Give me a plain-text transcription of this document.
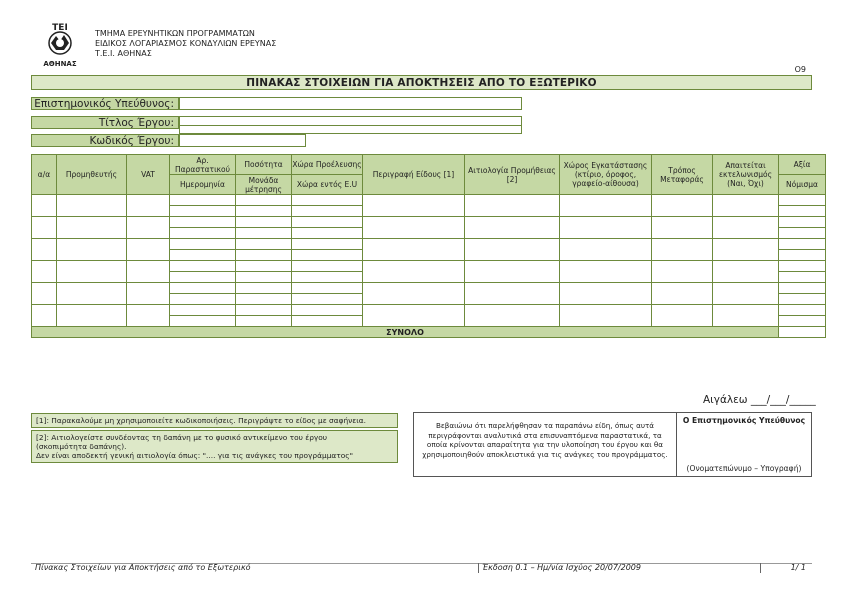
ΤΕΙ
ΑΘΗΝΑΣ
ΤΜΗΜΑ ΕΡΕΥΝΗΤΙΚΩΝ ΠΡΟΓΡΑΜΜΑΤΩΝ
ΕΙΔΙΚΟΣ ΛΟΓΑΡΙΑΣΜΟΣ ΚΟΝΔΥΛΙΩΝ ΕΡΕΥΝΑΣ
Τ.Ε.Ι. ΑΘΗΝΑΣ
Ο9
ΠΙΝΑΚΑΣ ΣΤΟΙΧΕΙΩΝ ΓΙΑ ΑΠΟΚΤΗΣΕΙΣ ΑΠΟ ΤΟ ΕΞΩΤΕΡΙΚΟ
Επιστημονικός Υπεύθυνος:
Τίτλος Έργου:
Κωδικός Έργου:
α/α	Προμηθευτής	VAT	Αρ. Παραστατικού	Ποσότητα	Χώρα Προέλευσης	Περιγραφή Είδους [1]	Αιτιολογία Προμήθειας [2]	Χώρος Εγκατάστασης (κτίριο, όροφος, γραφείο-αίθουσα)	Τρόπος Μεταφοράς	Απαιτείται εκτελωνισμός (Ναι, Όχι)	Αξία
			Ημερομηνία	Μονάδα μέτρησης	Χώρα εντός E.U						Νόμισμα

ΣΥΝΟΛΟ											
Αιγάλεω ___/___/_____
[1]: Παρακαλούμε μη χρησιμοποιείτε κωδικοποιήσεις. Περιγράψτε το είδος με σαφήνεια.
[2]: Αιτιολογείστε συνδέοντας τη δαπάνη με το φυσικό αντικείμενο του έργου
(σκοπιμότητα δαπάνης).
Δεν είναι αποδεκτή γενική αιτιολογία όπως: ".... για τις ανάγκες του προγράμματος"
Βεβαιώνω ότι παρελήφθησαν τα παραπάνω είδη, όπως αυτά περιγράφονται αναλυτικά στα επισυναπτόμενα παραστατικά, τα οποία κρίνονται απαραίτητα για την υλοποίηση του έργου και θα χρησιμοποιηθούν αποκλειστικά για τις ανάγκες του προγράμματος.
Ο Επιστημονικός Υπεύθυνος
(Ονοματεπώνυμο – Υπογραφή)
Πίνακας Στοιχείων για Αποκτήσεις από το Εξωτερικό	Έκδοση 0.1 – Ημ/νία Ισχύος 20/07/2009	1/ 1
